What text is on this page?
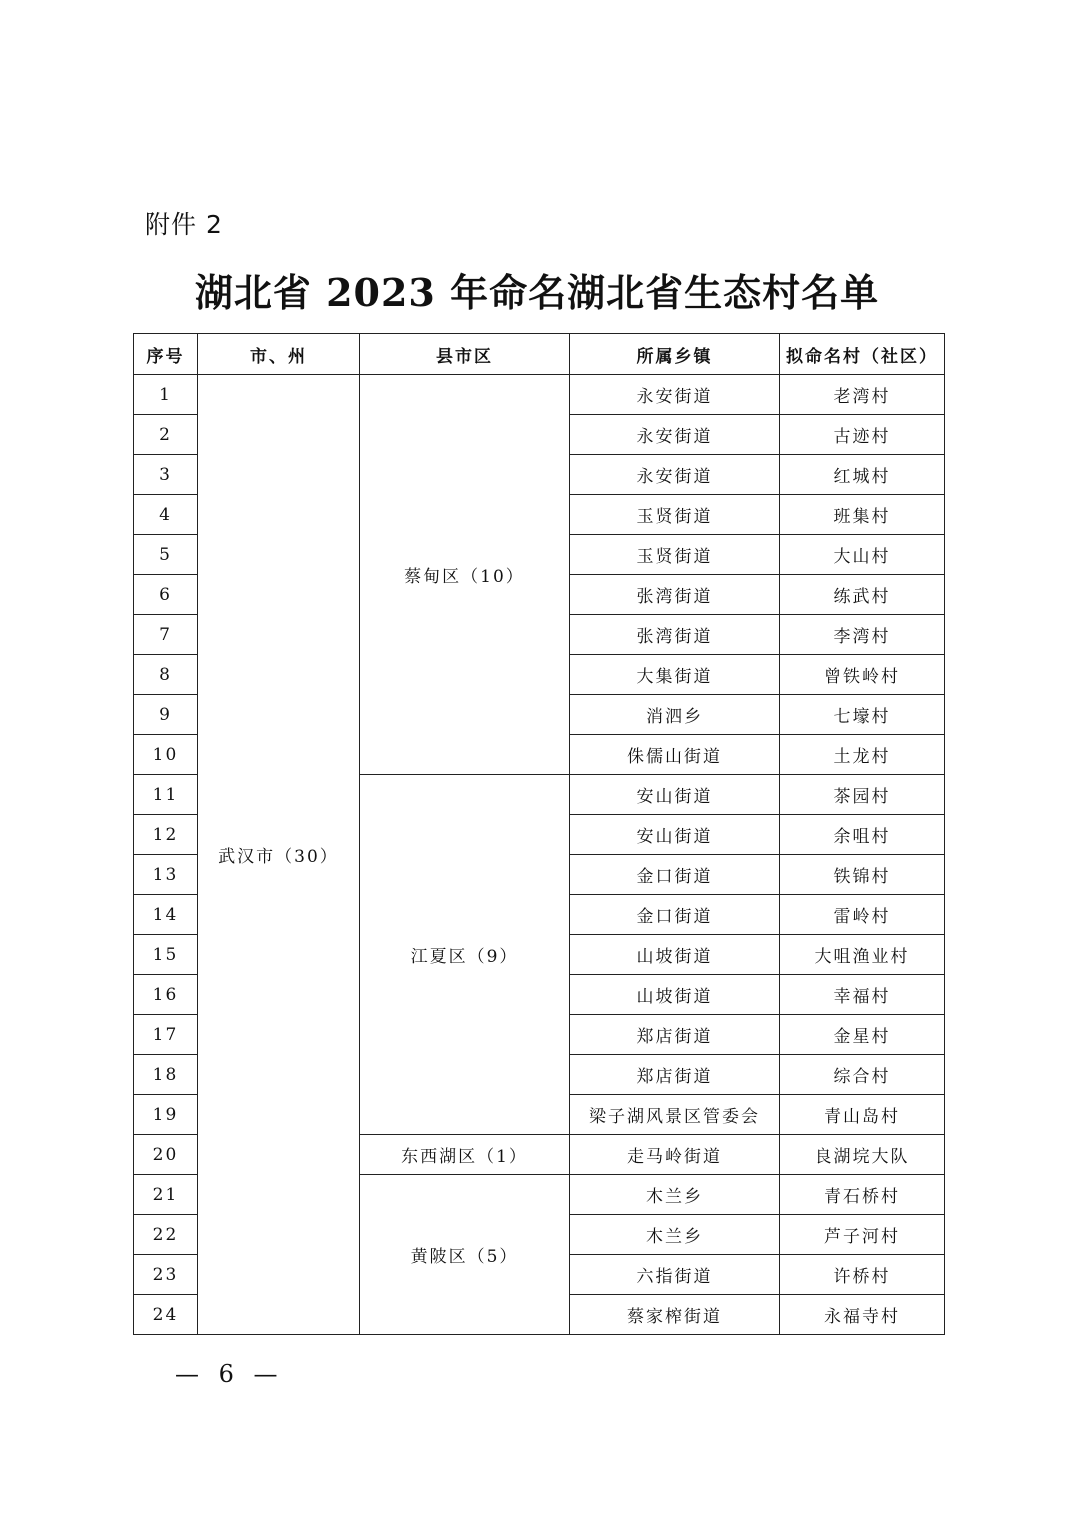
附件 2
湖北省 2023 年命名湖北省生态村名单
序号	市、州	县市区	所属乡镇	拟命名村（社区）
1	武汉市（30）	蔡甸区（10）	永安街道	老湾村
2			永安街道	古迹村
3			永安街道	红城村
4			玉贤街道	班集村
5			玉贤街道	大山村
6			张湾街道	练武村
7			张湾街道	李湾村
8			大集街道	曾铁岭村
9			消泗乡	七壕村
10			侏儒山街道	土龙村
11		江夏区（9）	安山街道	茶园村
12			安山街道	余咀村
13			金口街道	铁锦村
14			金口街道	雷岭村
15			山坡街道	大咀渔业村
16			山坡街道	幸福村
17			郑店街道	金星村
18			郑店街道	综合村
19			梁子湖风景区管委会	青山岛村
20		东西湖区（1）	走马岭街道	良湖垸大队
21		黄陂区（5）	木兰乡	青石桥村
22			木兰乡	芦子河村
23			六指街道	许桥村
24			蔡家榨街道	永福寺村
— 6 —
